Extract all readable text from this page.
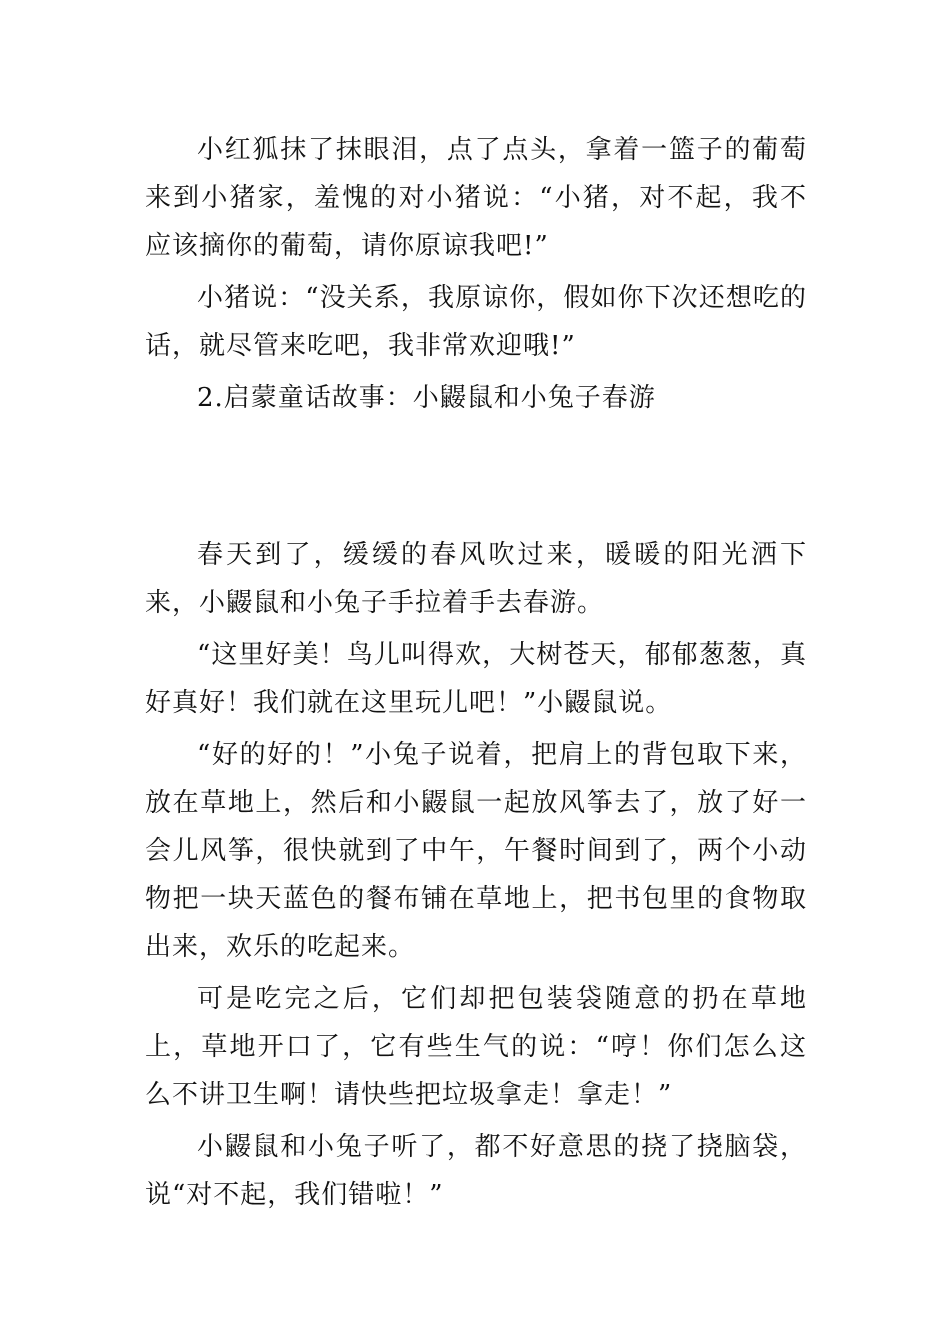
小红狐抹了抹眼泪，点了点头，拿着一篮子的葡萄来到小猪家，羞愧的对小猪说：“小猪，对不起，我不应该摘你的葡萄，请你原谅我吧!”

小猪说：“没关系，我原谅你，假如你下次还想吃的话，就尽管来吃吧，我非常欢迎哦!”

2.启蒙童话故事：小鼹鼠和小兔子春游

春天到了，缓缓的春风吹过来，暖暖的阳光洒下来，小鼹鼠和小兔子手拉着手去春游。

“这里好美！鸟儿叫得欢，大树苍天，郁郁葱葱，真好真好！我们就在这里玩儿吧！”小鼹鼠说。

“好的好的！”小兔子说着，把肩上的背包取下来，放在草地上，然后和小鼹鼠一起放风筝去了，放了好一会儿风筝，很快就到了中午，午餐时间到了，两个小动物把一块天蓝色的餐布铺在草地上，把书包里的食物取出来，欢乐的吃起来。

可是吃完之后，它们却把包装袋随意的扔在草地上，草地开口了，它有些生气的说：“哼！你们怎么这么不讲卫生啊！请快些把垃圾拿走！拿走！”

小鼹鼠和小兔子听了，都不好意思的挠了挠脑袋，说“对不起，我们错啦！”
